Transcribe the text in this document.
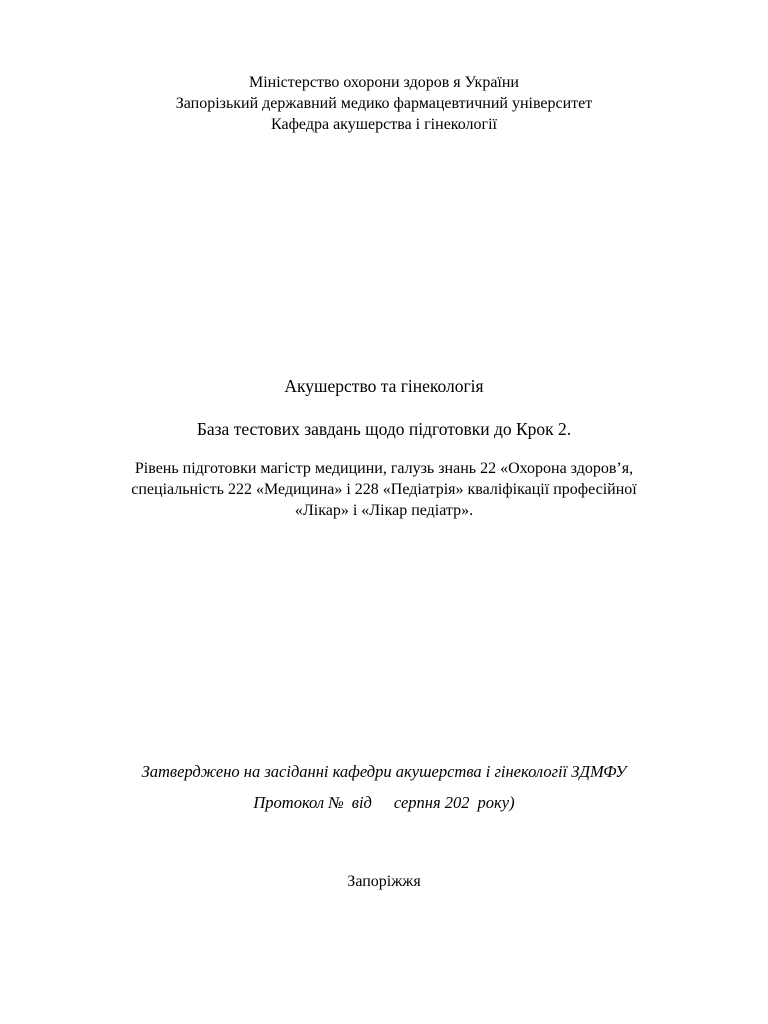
Міністерство охорони здоров я України
Запорізький державний медико фармацевтичний університет
Кафедра акушерства і гінекології
Акушерство та гінекологія
База тестових завдань щодо підготовки до Крок 2.
Рівень підготовки магістр медицини, галузь знань 22 «Охорона здоров’я,
спеціальність 222 «Медицина» і 228 «Педіатрія» кваліфікації професійної
«Лікар» і «Лікар педіатр».
Затверджено на засіданні кафедри акушерства і гінекології ЗДМФУ
Протокол № від серпня 202 року)
Запоріжжя
